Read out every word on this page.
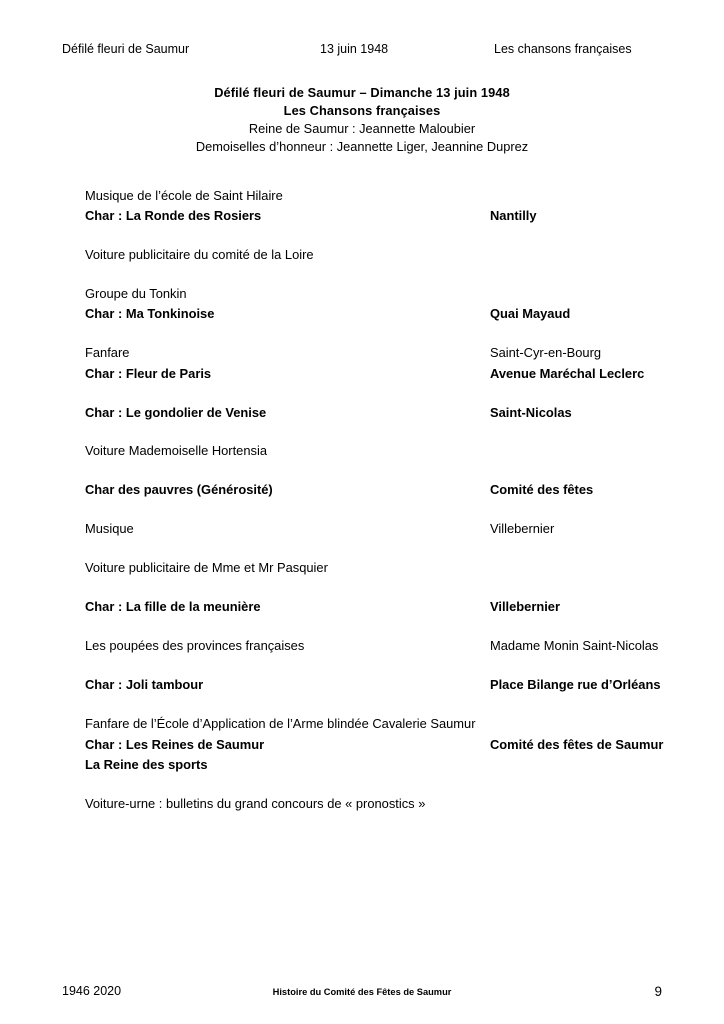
Défilé fleuri de Saumur	13 juin 1948	Les chansons françaises
Défilé fleuri de Saumur – Dimanche 13 juin 1948
Les Chansons françaises
Reine de Saumur : Jeannette Maloubier
Demoiselles d’honneur : Jeannette Liger, Jeannine Duprez
Musique de l’école de Saint Hilaire
Char : La Ronde des Rosiers	Nantilly
Voiture publicitaire du comité de la Loire
Groupe du Tonkin
Char : Ma Tonkinoise	Quai Mayaud
Fanfare	Saint-Cyr-en-Bourg
Char : Fleur de Paris	Avenue Maréchal Leclerc
Char : Le gondolier de Venise	Saint-Nicolas
Voiture Mademoiselle Hortensia
Char des pauvres (Générosité)	Comité des fêtes
Musique	Villebernier
Voiture publicitaire de Mme et Mr Pasquier
Char : La fille de la meunière	Villebernier
Les poupées des provinces françaises	Madame Monin Saint-Nicolas
Char : Joli tambour	Place Bilange rue d’Orléans
Fanfare de l’École d’Application de l’Arme blindée Cavalerie Saumur
Char : Les Reines de Saumur	Comité des fêtes de Saumur
La Reine des sports
Voiture-urne : bulletins du grand concours de « pronostics »
1946 2020	Histoire du Comité des Fêtes de Saumur	9
